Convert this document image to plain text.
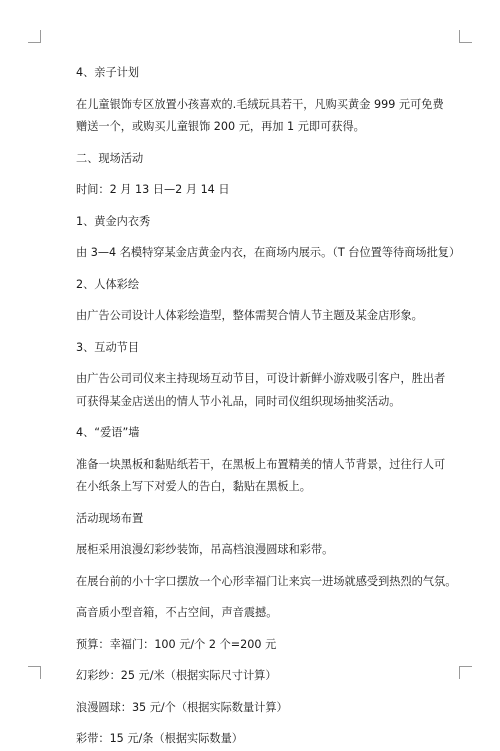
4、亲子计划

在儿童银饰专区放置小孩喜欢的.毛绒玩具若干，凡购买黄金 999 元可免费赠送一个，或购买儿童银饰 200 元，再加 1 元即可获得。

二、现场活动

时间：2 月 13 日—2 月 14 日

1、黄金内衣秀

由 3—4 名模特穿某金店黄金内衣，在商场内展示。（T 台位置等待商场批复）

2、人体彩绘

由广告公司设计人体彩绘造型，整体需契合情人节主题及某金店形象。

3、互动节目

由广告公司司仪来主持现场互动节目，可设计新鲜小游戏吸引客户，胜出者可获得某金店送出的情人节小礼品，同时司仪组织现场抽奖活动。

4、“爱语”墙

准备一块黑板和黏贴纸若干，在黑板上布置精美的情人节背景，过往行人可在小纸条上写下对爱人的告白，黏贴在黑板上。

活动现场布置

展柜采用浪漫幻彩纱装饰，吊高档浪漫圆球和彩带。

在展台前的小十字口摆放一个心形幸福门让来宾一进场就感受到热烈的气氛。

高音质小型音箱，不占空间，声音震撼。

预算：幸福门：100 元/个 2 个=200 元

幻彩纱：25 元/米（根据实际尺寸计算）

浪漫圆球：35 元/个（根据实际数量计算）

彩带：15 元/条（根据实际数量）
